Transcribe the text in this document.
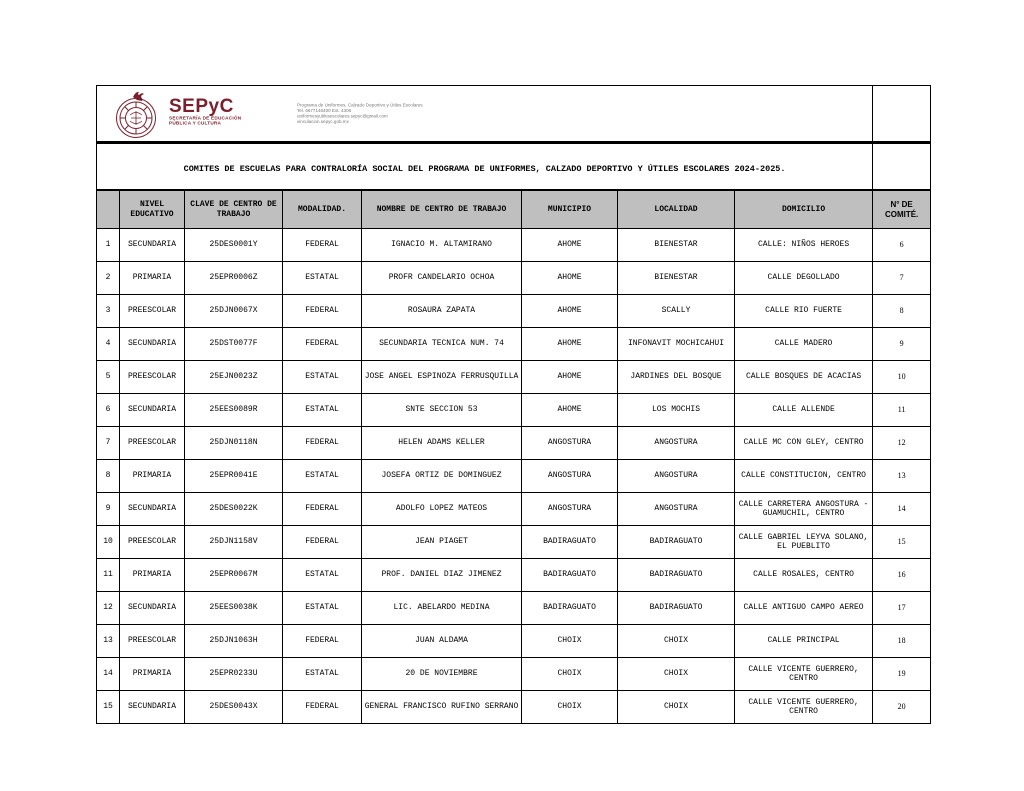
SEPyC
SECRETARÍA DE EDUCACIÓN
PÚBLICA Y CULTURA
Programa de Uniformes, Calzado Deportivo y Útiles Escolares
Tel. 6677148400 Ext. 4306
uniformesyutilesescolares.sepyc@gmail.com
vinculacion.sepyc.gob.mx

COMITES DE ESCUELAS PARA CONTRALORÍA SOCIAL DEL PROGRAMA DE UNIFORMES, CALZADO DEPORTIVO Y ÚTILES ESCOLARES 2024-2025.								
	NIVEL EDUCATIVO	CLAVE DE CENTRO DE TRABAJO	MODALIDAD.	NOMBRE DE CENTRO DE TRABAJO	MUNICIPIO	LOCALIDAD	DOMICILIO	N° DE COMITÉ.
1	SECUNDARIA	25DES0001Y	FEDERAL	IGNACIO M. ALTAMIRANO	AHOME	BIENESTAR	CALLE: NIÑOS HEROES	6
2	PRIMARIA	25EPR0006Z	ESTATAL	PROFR CANDELARIO OCHOA	AHOME	BIENESTAR	CALLE DEGOLLADO	7
3	PREESCOLAR	25DJN0067X	FEDERAL	ROSAURA ZAPATA	AHOME	SCALLY	CALLE RIO FUERTE	8
4	SECUNDARIA	25DST0077F	FEDERAL	SECUNDARIA TECNICA NUM. 74	AHOME	INFONAVIT MOCHICAHUI	CALLE MADERO	9
5	PREESCOLAR	25EJN0023Z	ESTATAL	JOSE ANGEL ESPINOZA FERRUSQUILLA	AHOME	JARDINES DEL BOSQUE	CALLE BOSQUES DE ACACIAS	10
6	SECUNDARIA	25EES0089R	ESTATAL	SNTE SECCION 53	AHOME	LOS MOCHIS	CALLE ALLENDE	11
7	PREESCOLAR	25DJN0118N	FEDERAL	HELEN ADAMS KELLER	ANGOSTURA	ANGOSTURA	CALLE MC CON GLEY, CENTRO	12
8	PRIMARIA	25EPR0041E	ESTATAL	JOSEFA ORTIZ DE DOMINGUEZ	ANGOSTURA	ANGOSTURA	CALLE CONSTITUCION, CENTRO	13
9	SECUNDARIA	25DES0022K	FEDERAL	ADOLFO LOPEZ MATEOS	ANGOSTURA	ANGOSTURA	CALLE CARRETERA ANGOSTURA - GUAMUCHIL, CENTRO	14
10	PREESCOLAR	25DJN1158V	FEDERAL	JEAN PIAGET	BADIRAGUATO	BADIRAGUATO	CALLE GABRIEL LEYVA SOLANO, EL PUEBLITO	15
11	PRIMARIA	25EPR0067M	ESTATAL	PROF. DANIEL DIAZ JIMENEZ	BADIRAGUATO	BADIRAGUATO	CALLE ROSALES, CENTRO	16
12	SECUNDARIA	25EES0038K	ESTATAL	LIC. ABELARDO MEDINA	BADIRAGUATO	BADIRAGUATO	CALLE ANTIGUO CAMPO AEREO	17
13	PREESCOLAR	25DJN1063H	FEDERAL	JUAN ALDAMA	CHOIX	CHOIX	CALLE PRINCIPAL	18
14	PRIMARIA	25EPR0233U	ESTATAL	20 DE NOVIEMBRE	CHOIX	CHOIX	CALLE VICENTE GUERRERO, CENTRO	19
15	SECUNDARIA	25DES0043X	FEDERAL	GENERAL FRANCISCO RUFINO SERRANO	CHOIX	CHOIX	CALLE VICENTE GUERRERO, CENTRO	20
